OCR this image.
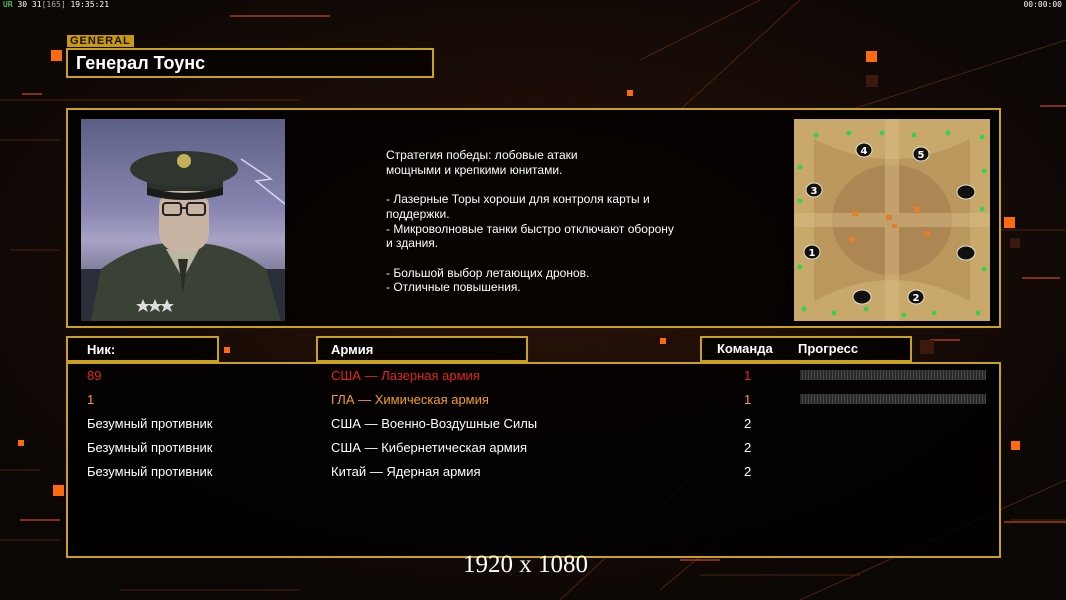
UR 30 31[165] 19:35:21	00:00:00
GENERAL
Генерал Тоунс
Стратегия победы: лобовые атаки
мощными и крепкими юнитами.

- Лазерные Торы хороши для контроля карты и
поддержки.
- Микроволновые танки быстро отключают оборону
и здания.

- Большой выбор летающих дронов.
- Отличные повышения.
1
2
3
4	5
Ник:	Армия	Команда Прогресс
89	США — Лазерная армия	1
1	ГЛА — Химическая армия	1
Безумный противник	США — Военно-Воздушные Силы	2
Безумный противник	США — Кибернетическая армия	2
Безумный противник	Китай — Ядерная армия	2
1920 x 1080
